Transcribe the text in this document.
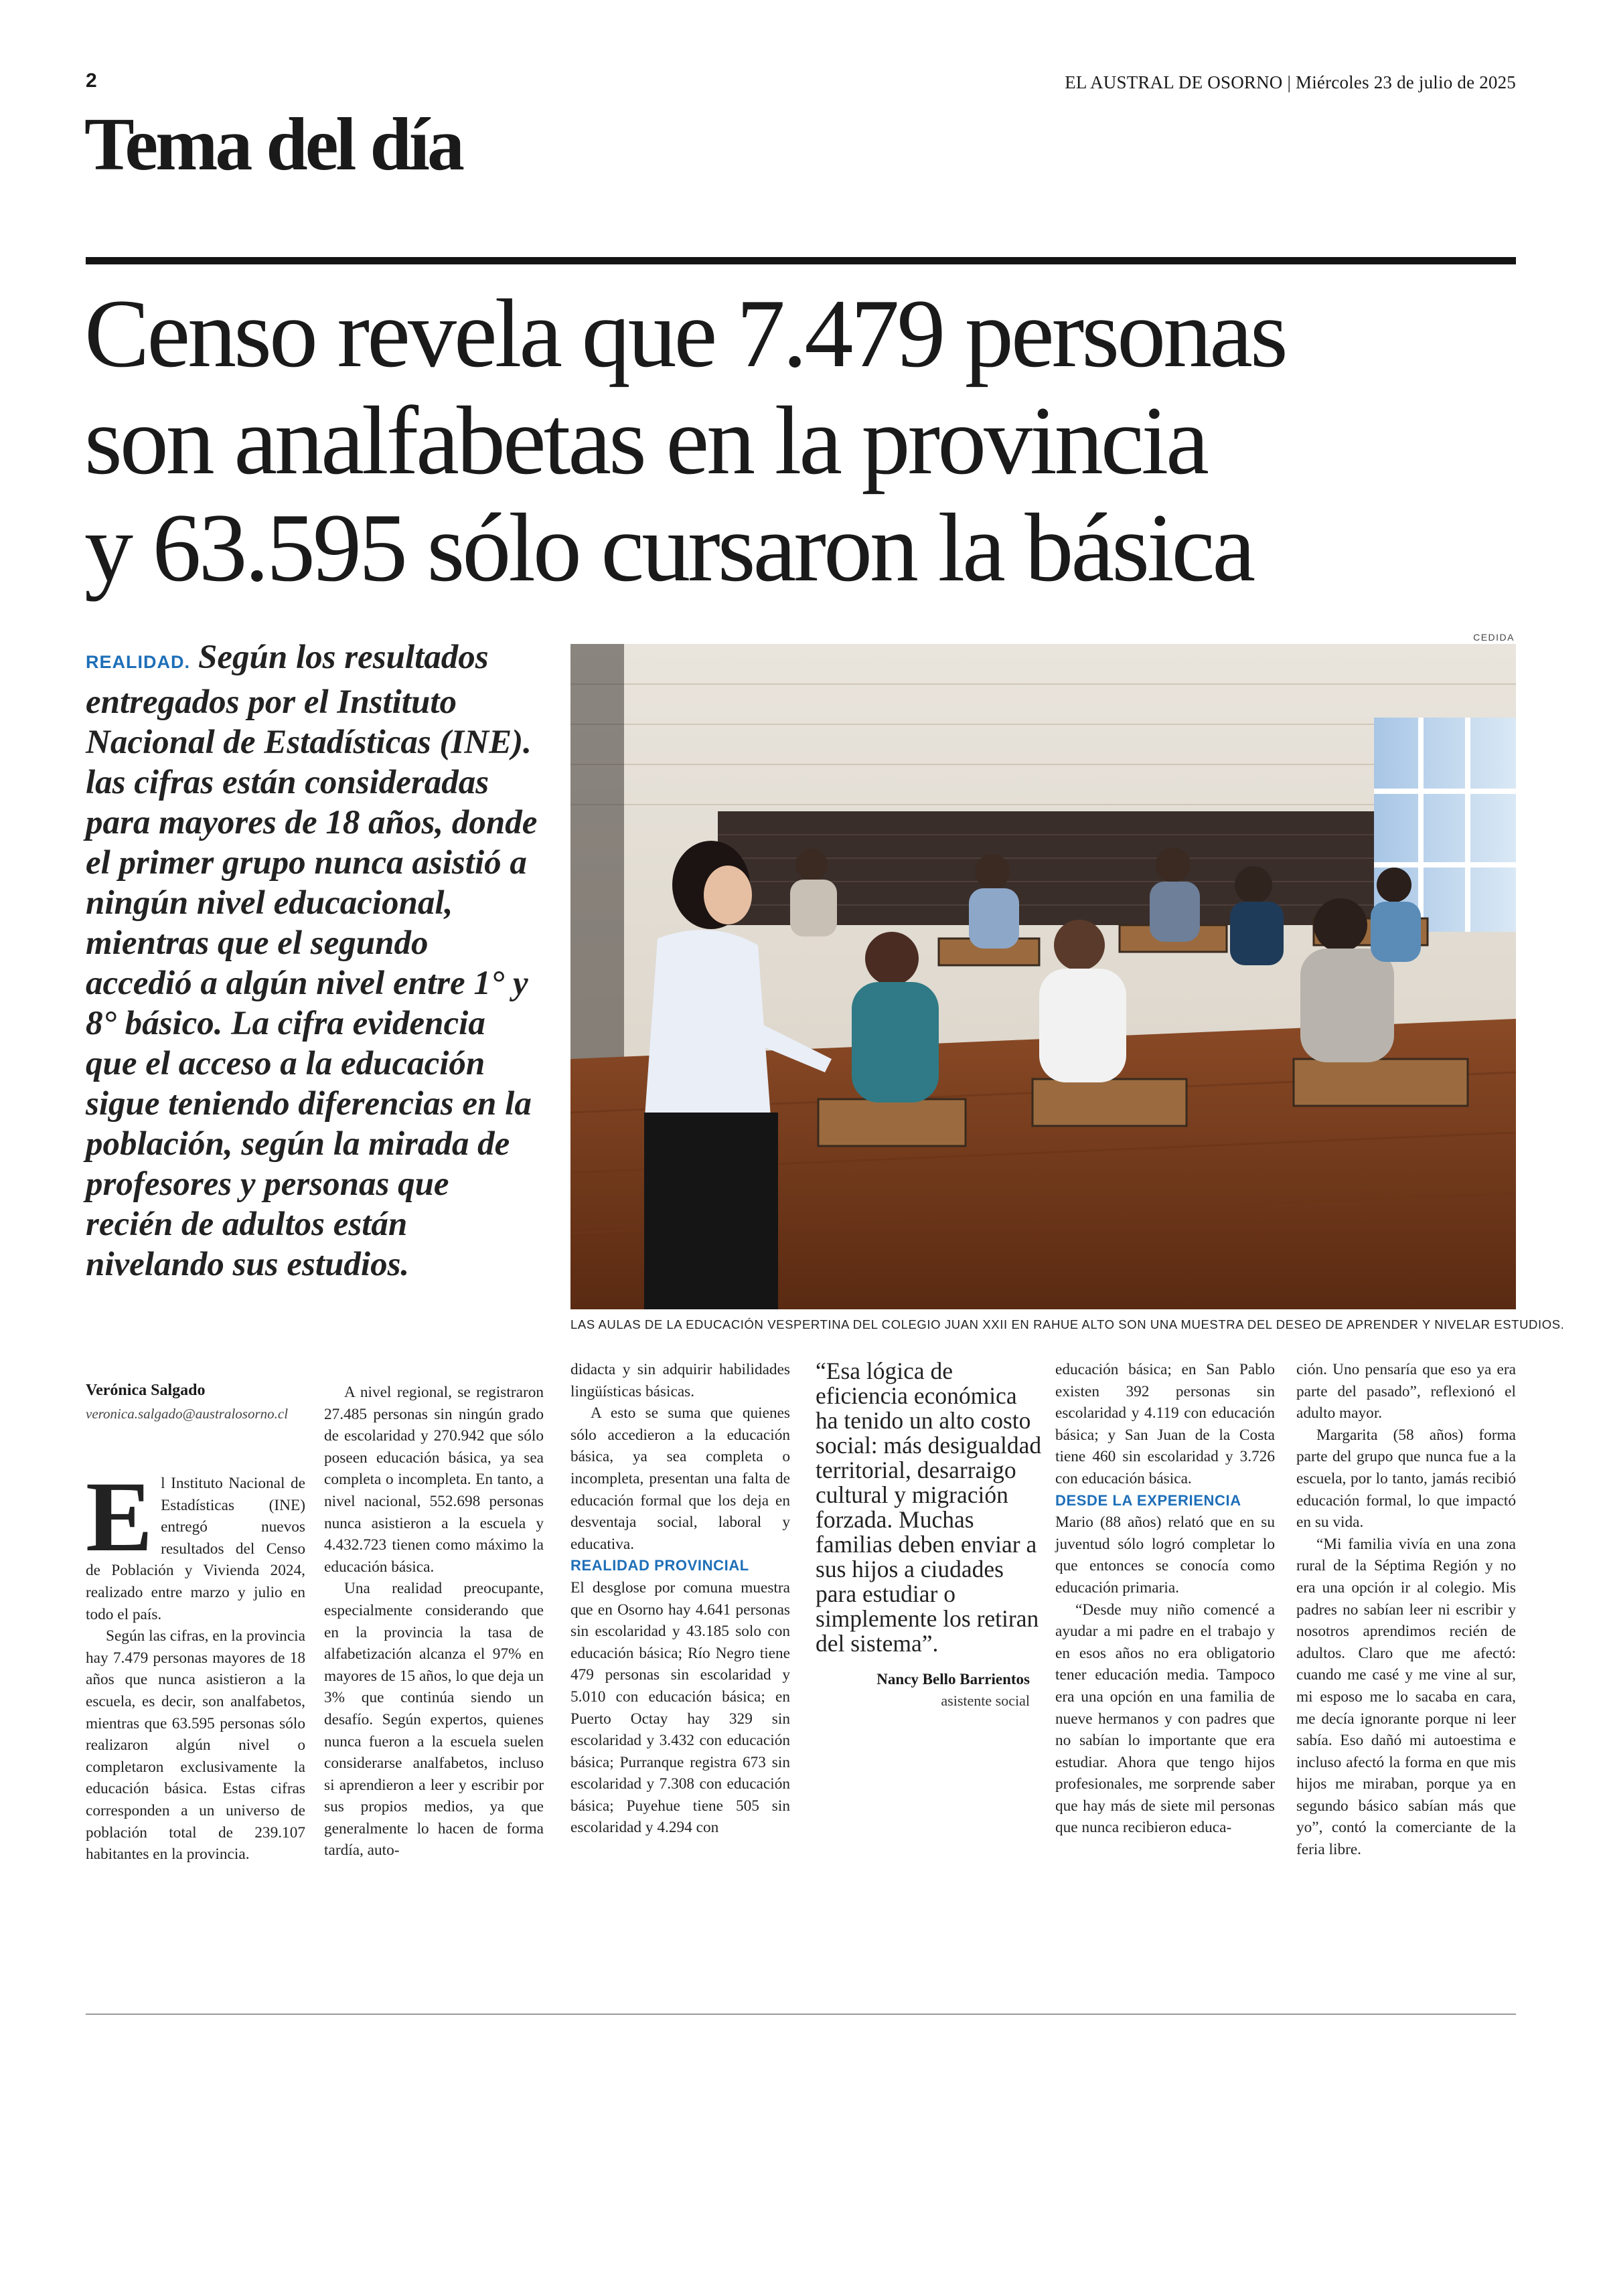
2	EL AUSTRAL DE OSORNO | Miércoles 23 de julio de 2025
Tema del día
Censo revela que 7.479 personas
son analfabetas en la provincia
y 63.595 sólo cursaron la básica
REALIDAD. Según los resultados entregados por el Instituto Nacional de Estadísticas (INE). las cifras están consideradas para mayores de 18 años, donde el primer grupo nunca asistió a ningún nivel educacional, mientras que el segundo accedió a algún nivel entre 1° y 8° básico. La cifra evidencia que el acceso a la educación sigue teniendo diferencias en la población, según la mirada de profesores y personas que recién de adultos están nivelando sus estudios.
CEDIDA
LAS AULAS DE LA EDUCACIÓN VESPERTINA DEL COLEGIO JUAN XXII EN RAHUE ALTO SON UNA MUESTRA DEL DESEO DE APRENDER Y NIVELAR ESTUDIOS.
Verónica Salgado
veronica.salgado@australosorno.cl

El Instituto Nacional de Estadísticas (INE) entregó nuevos resultados del Censo de Población y Vivienda 2024, realizado entre marzo y julio en todo el país.

Según las cifras, en la provincia hay 7.479 personas mayores de 18 años que nunca asistieron a la escuela, es decir, son analfabetos, mientras que 63.595 personas sólo realizaron algún nivel o completaron exclusivamente la educación básica. Estas cifras corresponden a un universo de población total de 239.107 habitantes en la provincia.

A nivel regional, se registraron 27.485 personas sin ningún grado de escolaridad y 270.942 que sólo poseen educación básica, ya sea completa o incompleta. En tanto, a nivel nacional, 552.698 personas nunca asistieron a la escuela y 4.432.723 tienen como máximo la educación básica.

Una realidad preocupante, especialmente considerando que en la provincia la tasa de alfabetización alcanza el 97% en mayores de 15 años, lo que deja un 3% que continúa siendo un desafío. Según expertos, quienes nunca fueron a la escuela suelen considerarse analfabetos, incluso si aprendieron a leer y escribir por sus propios medios, ya que generalmente lo hacen de forma tardía, auto-

didacta y sin adquirir habilidades lingüísticas básicas.

A esto se suma que quienes sólo accedieron a la educación básica, ya sea completa o incompleta, presentan una falta de educación formal que los deja en desventaja social, laboral y educativa.

REALIDAD PROVINCIAL

El desglose por comuna muestra que en Osorno hay 4.641 personas sin escolaridad y 43.185 solo con educación básica; Río Negro tiene 479 personas sin escolaridad y 5.010 con educación básica; en Puerto Octay hay 329 sin escolaridad y 3.432 con educación básica; Purranque registra 673 sin escolaridad y 7.308 con educación básica; Puyehue tiene 505 sin escolaridad y 4.294 con

“Esa lógica de eficiencia económica ha tenido un alto costo social: más desigualdad territorial, desarraigo cultural y migración forzada. Muchas familias deben enviar a sus hijos a ciudades para estudiar o simplemente los retiran del sistema”.
Nancy Bello Barrientos
asistente social

educación básica; en San Pablo existen 392 personas sin escolaridad y 4.119 con educación básica; y San Juan de la Costa tiene 460 sin escolaridad y 3.726 con educación básica.

DESDE LA EXPERIENCIA

Mario (88 años) relató que en su juventud sólo logró completar lo que entonces se conocía como educación primaria.

“Desde muy niño comencé a ayudar a mi padre en el trabajo y en esos años no era obligatorio tener educación media. Tampoco era una opción en una familia de nueve hermanos y con padres que no sabían lo importante que era estudiar. Ahora que tengo hijos profesionales, me sorprende saber que hay más de siete mil personas que nunca recibieron educa-

ción. Uno pensaría que eso ya era parte del pasado”, reflexionó el adulto mayor.

Margarita (58 años) forma parte del grupo que nunca fue a la escuela, por lo tanto, jamás recibió educación formal, lo que impactó en su vida.

“Mi familia vivía en una zona rural de la Séptima Región y no era una opción ir al colegio. Mis padres no sabían leer ni escribir y nosotros aprendimos recién de adultos. Claro que me afectó: cuando me casé y me vine al sur, mi esposo me lo sacaba en cara, me decía ignorante porque ni leer sabía. Eso dañó mi autoestima e incluso afectó la forma en que mis hijos me miraban, porque ya en segundo básico sabían más que yo”, contó la comerciante de la feria libre.
